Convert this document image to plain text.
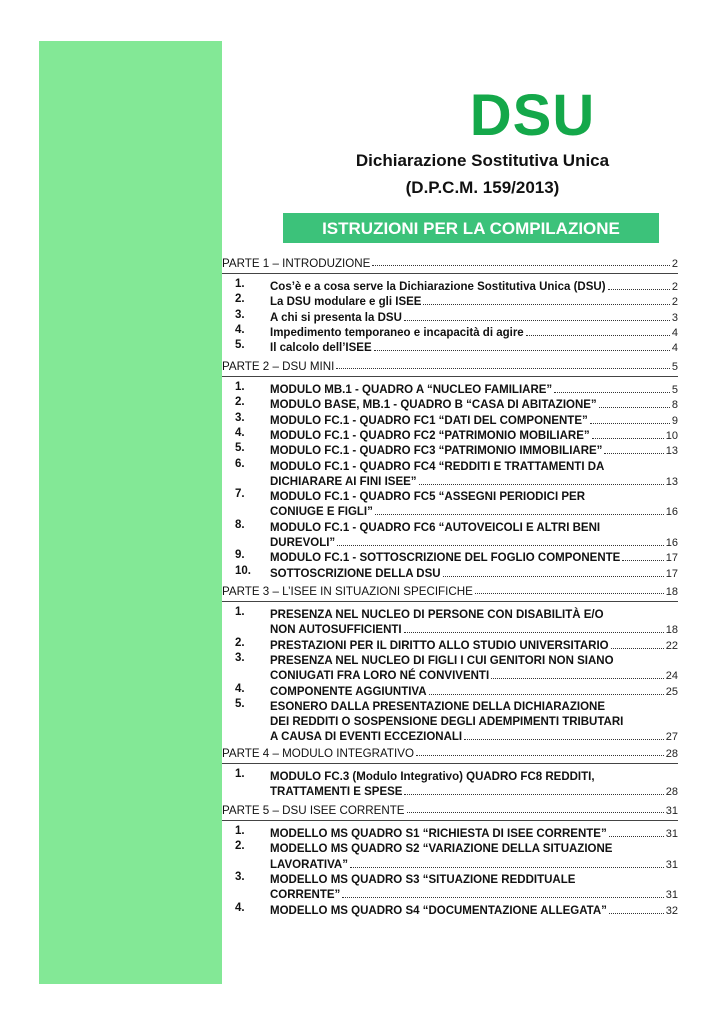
DSU
Dichiarazione Sostitutiva Unica
(D.P.C.M. 159/2013)
ISTRUZIONI PER LA COMPILAZIONE
PARTE 1 – INTRODUZIONE	2
1. Cos’è e a cosa serve la Dichiarazione Sostitutiva Unica (DSU)	2
2. La DSU modulare e gli ISEE	2
3. A chi si presenta la DSU	3
4. Impedimento temporaneo e incapacità di agire	4
5. Il calcolo dell’ISEE	4
PARTE 2 – DSU MINI	5
1. MODULO MB.1 - QUADRO A “NUCLEO FAMILIARE”	5
2. MODULO BASE, MB.1 - QUADRO B “CASA DI ABITAZIONE”	8
3. MODULO FC.1 - QUADRO FC1 “DATI DEL COMPONENTE”	9
4. MODULO FC.1 - QUADRO FC2 “PATRIMONIO MOBILIARE”	10
5. MODULO FC.1 - QUADRO FC3 “PATRIMONIO IMMOBILIARE”	13
6. MODULO FC.1 - QUADRO FC4 “REDDITI E TRATTAMENTI DA
DICHIARARE AI FINI ISEE”	13
7. MODULO FC.1 - QUADRO FC5 “ASSEGNI PERIODICI PER
CONIUGE E FIGLI”	16
8. MODULO FC.1 - QUADRO FC6 “AUTOVEICOLI E ALTRI BENI
DUREVOLI”	16
9. MODULO FC.1 - SOTTOSCRIZIONE DEL FOGLIO COMPONENTE	17
10. SOTTOSCRIZIONE DELLA DSU	17
PARTE 3 – L’ISEE IN SITUAZIONI SPECIFICHE	18
1. PRESENZA NEL NUCLEO DI PERSONE CON DISABILITÀ E/O
NON AUTOSUFFICIENTI	18
2. PRESTAZIONI PER IL DIRITTO ALLO STUDIO UNIVERSITARIO	22
3. PRESENZA NEL NUCLEO DI FIGLI I CUI GENITORI NON SIANO
CONIUGATI FRA LORO NÉ CONVIVENTI	24
4. COMPONENTE AGGIUNTIVA	25
5. ESONERO DALLA PRESENTAZIONE DELLA DICHIARAZIONE
DEI REDDITI O SOSPENSIONE DEGLI ADEMPIMENTI TRIBUTARI
A CAUSA DI EVENTI ECCEZIONALI	27
PARTE 4 – MODULO INTEGRATIVO	28
1. MODULO FC.3 (Modulo Integrativo) QUADRO FC8 REDDITI,
TRATTAMENTI E SPESE	28
PARTE 5 – DSU ISEE CORRENTE	31
1. MODELLO MS QUADRO S1 “RICHIESTA DI ISEE CORRENTE”	31
2. MODELLO MS QUADRO S2 “VARIAZIONE DELLA SITUAZIONE
LAVORATIVA”	31
3. MODELLO MS QUADRO S3 “SITUAZIONE REDDITUALE
CORRENTE”	31
4. MODELLO MS QUADRO S4 “DOCUMENTAZIONE ALLEGATA”	32
